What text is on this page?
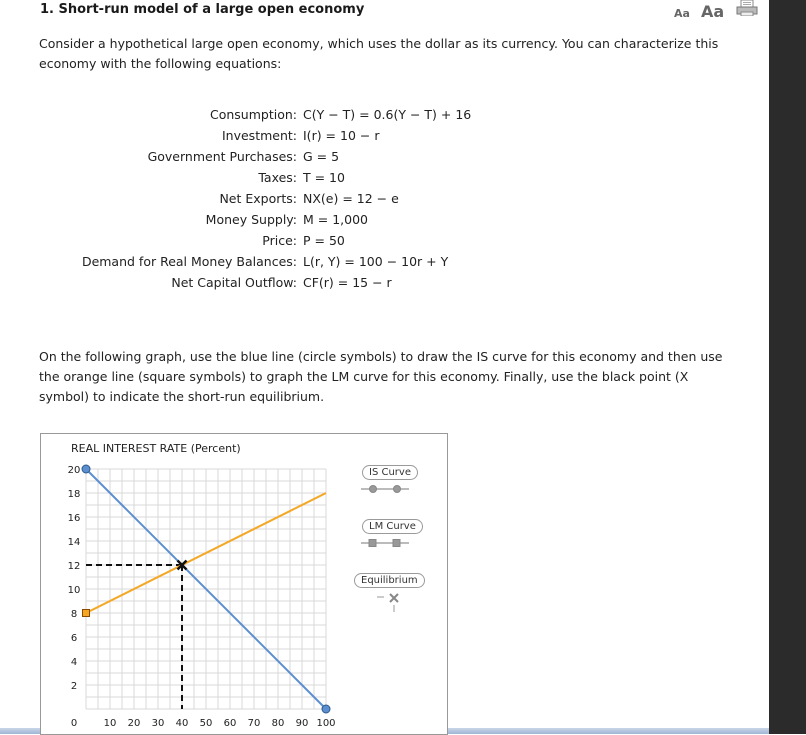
1. Short-run model of a large open economy	Aa Aa
Consider a hypothetical large open economy, which uses the dollar as its currency. You can characterize this economy with the following equations:
Consumption: C(Y − T) = 0.6(Y − T) + 16
Investment: I(r) = 10 − r
Government Purchases: G = 5
Taxes: T = 10
Net Exports: NX(e) = 12 − e
Money Supply: M = 1,000
Price: P = 50
Demand for Real Money Balances: L(r, Y) = 100 − 10r + Y
Net Capital Outflow: CF(r) = 15 − r
On the following graph, use the blue line (circle symbols) to draw the IS curve for this economy and then use the orange line (square symbols) to graph the LM curve for this economy. Finally, use the black point (X symbol) to indicate the short-run equilibrium.
REAL INTEREST RATE (Percent)
2
4
6
8
10
12
14
16
18
20
0	10 20 30 40 50 60 70 80 90 100
IS Curve
LM Curve
Equilibrium
